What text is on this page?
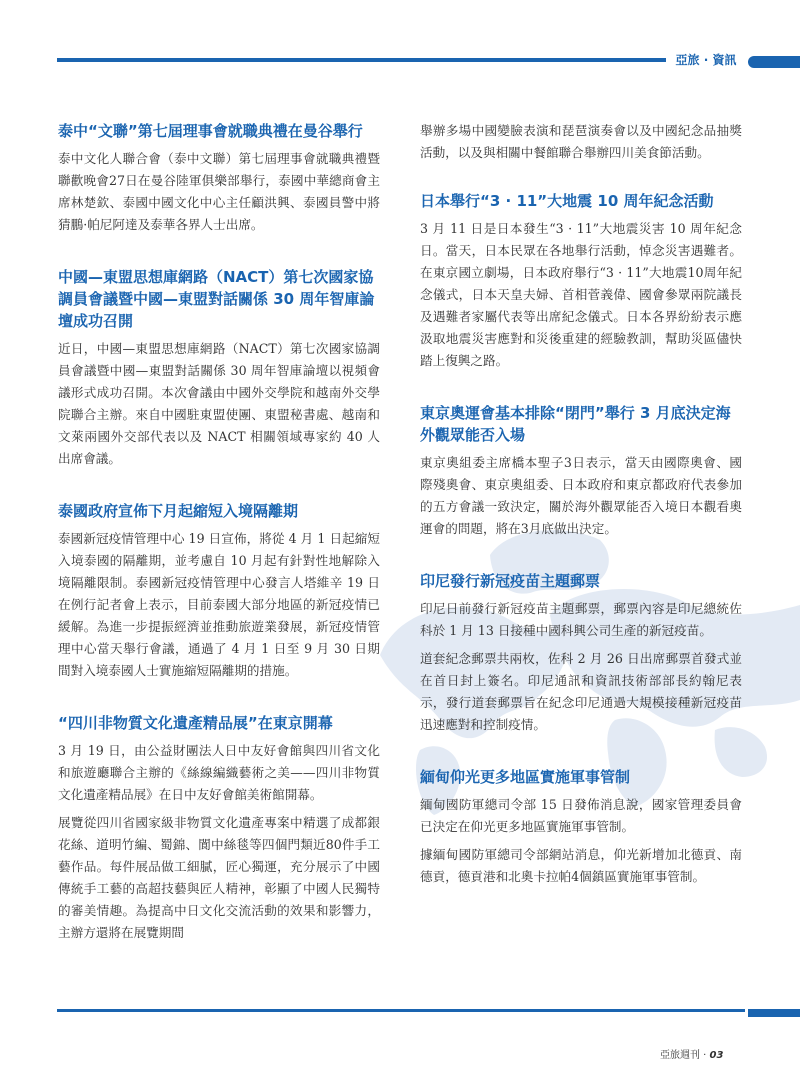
亞旅 · 資訊
泰中“文聯”第七屆理事會就職典禮在曼谷舉行

泰中文化人聯合會（泰中文聯）第七屆理事會就職典禮暨聯歡晚會27日在曼谷陸軍俱樂部舉行，泰國中華總商會主席林楚欽、泰國中國文化中心主任顧洪興、泰國員警中將猜鵬·帕尼阿達及泰華各界人士出席。

中國—東盟思想庫網路（NACT）第七次國家協調員會議暨中國—東盟對話關係 30 周年智庫論壇成功召開

近日，中國—東盟思想庫網路（NACT）第七次國家協調員會議暨中國—東盟對話關係 30 周年智庫論壇以視頻會議形式成功召開。本次會議由中國外交學院和越南外交學院聯合主辦。來自中國駐東盟使團、東盟秘書處、越南和文萊兩國外交部代表以及 NACT 相關領域專家約 40 人出席會議。

泰國政府宣佈下月起縮短入境隔離期

泰國新冠疫情管理中心 19 日宣佈，將從 4 月 1 日起縮短入境泰國的隔離期，並考慮自 10 月起有針對性地解除入境隔離限制。泰國新冠疫情管理中心發言人塔維辛 19 日在例行記者會上表示，目前泰國大部分地區的新冠疫情已緩解。為進一步提振經濟並推動旅遊業發展，新冠疫情管理中心當天舉行會議，通過了 4 月 1 日至 9 月 30 日期間對入境泰國人士實施縮短隔離期的措施。

“四川非物質文化遺產精品展”在東京開幕

3 月 19 日，由公益財團法人日中友好會館與四川省文化和旅遊廳聯合主辦的《絲線編織藝術之美——四川非物質文化遺產精品展》在日中友好會館美術館開幕。

展覽從四川省國家級非物質文化遺產專案中精選了成都銀花絲、道明竹編、蜀錦、閬中絲毯等四個門類近80件手工藝作品。每件展品做工細膩，匠心獨運，充分展示了中國傳統手工藝的高超技藝與匠人精神，彰顯了中國人民獨特的審美情趣。為提高中日文化交流活動的效果和影響力，主辦方還將在展覽期間

舉辦多場中國變臉表演和琵琶演奏會以及中國紀念品抽獎活動，以及與相關中餐館聯合舉辦四川美食節活動。

日本舉行“3 · 11”大地震 10 周年紀念活動

3 月 11 日是日本發生“3 · 11”大地震災害 10 周年紀念日。當天，日本民眾在各地舉行活動，悼念災害遇難者。在東京國立劇場，日本政府舉行“3 · 11”大地震10周年紀念儀式，日本天皇夫婦、首相菅義偉、國會參眾兩院議長及遇難者家屬代表等出席紀念儀式。日本各界紛紛表示應汲取地震災害應對和災後重建的經驗教訓，幫助災區儘快踏上復興之路。

東京奧運會基本排除“閉門”舉行 3 月底決定海外觀眾能否入場

東京奧組委主席橋本聖子3日表示，當天由國際奧會、國際殘奧會、東京奧組委、日本政府和東京都政府代表參加的五方會議一致決定，關於海外觀眾能否入境日本觀看奧運會的問題，將在3月底做出決定。

印尼發行新冠疫苗主題郵票

印尼日前發行新冠疫苗主題郵票，郵票內容是印尼總統佐科於 1 月 13 日接種中國科興公司生產的新冠疫苗。

道套紀念郵票共兩枚，佐科 2 月 26 日出席郵票首發式並在首日封上簽名。印尼通訊和資訊技術部部長約翰尼表示，發行道套郵票旨在紀念印尼通過大規模接種新冠疫苗迅速應對和控制疫情。

緬甸仰光更多地區實施軍事管制

緬甸國防軍總司令部 15 日發佈消息說，國家管理委員會已決定在仰光更多地區實施軍事管制。

據緬甸國防軍總司令部網站消息，仰光新增加北德貢、南德貢，德貢港和北奧卡拉帕4個鎮區實施軍事管制。

亞旅週刊 · 03
